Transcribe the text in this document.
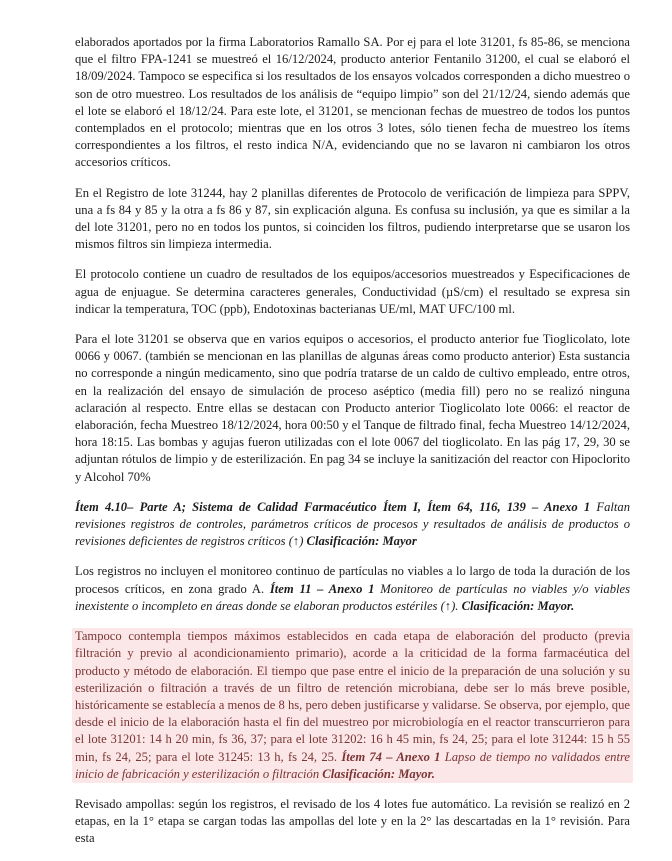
elaborados aportados por la firma Laboratorios Ramallo SA. Por ej para el lote 31201, fs 85-86, se menciona que el filtro FPA-1241 se muestreó el 16/12/2024, producto anterior Fentanilo 31200, el cual se elaboró el 18/09/2024. Tampoco se especifica si los resultados de los ensayos volcados corresponden a dicho muestreo o son de otro muestreo. Los resultados de los análisis de “equipo limpio” son del 21/12/24, siendo además que el lote se elaboró el 18/12/24. Para este lote, el 31201, se mencionan fechas de muestreo de todos los puntos contemplados en el protocolo; mientras que en los otros 3 lotes, sólo tienen fecha de muestreo los ítems correspondientes a los filtros, el resto indica N/A, evidenciando que no se lavaron ni cambiaron los otros accesorios críticos.

En el Registro de lote 31244, hay 2 planillas diferentes de Protocolo de verificación de limpieza para SPPV, una a fs 84 y 85 y la otra a fs 86 y 87, sin explicación alguna. Es confusa su inclusión, ya que es similar a la del lote 31201, pero no en todos los puntos, si coinciden los filtros, pudiendo interpretarse que se usaron los mismos filtros sin limpieza intermedia.

El protocolo contiene un cuadro de resultados de los equipos/accesorios muestreados y Especificaciones de agua de enjuague. Se determina caracteres generales, Conductividad (µS/cm) el resultado se expresa sin indicar la temperatura, TOC (ppb), Endotoxinas bacterianas UE/ml, MAT UFC/100 ml.

Para el lote 31201 se observa que en varios equipos o accesorios, el producto anterior fue Tioglicolato, lote 0066 y 0067. (también se mencionan en las planillas de algunas áreas como producto anterior) Esta sustancia no corresponde a ningún medicamento, sino que podría tratarse de un caldo de cultivo empleado, entre otros, en la realización del ensayo de simulación de proceso aséptico (media fill) pero no se realizó ninguna aclaración al respecto. Entre ellas se destacan con Producto anterior Tioglicolato lote 0066: el reactor de elaboración, fecha Muestreo 18/12/2024, hora 00:50 y el Tanque de filtrado final, fecha Muestreo 14/12/2024, hora 18:15. Las bombas y agujas fueron utilizadas con el lote 0067 del tioglicolato. En las pág 17, 29, 30 se adjuntan rótulos de limpio y de esterilización. En pag 34 se incluye la sanitización del reactor con Hipoclorito y Alcohol 70%

Ítem 4.10– Parte A; Sistema de Calidad Farmacéutico Ítem I, Ítem 64, 116, 139 – Anexo 1 Faltan revisiones registros de controles, parámetros críticos de procesos y resultados de análisis de productos o revisiones deficientes de registros críticos (↑) Clasificación: Mayor

Los registros no incluyen el monitoreo continuo de partículas no viables a lo largo de toda la duración de los procesos críticos, en zona grado A. Ítem 11 – Anexo 1 Monitoreo de partículas no viables y/o viables inexistente o incompleto en áreas donde se elaboran productos estériles (↑). Clasificación: Mayor.

Tampoco contempla tiempos máximos establecidos en cada etapa de elaboración del producto (previa filtración y previo al acondicionamiento primario), acorde a la criticidad de la forma farmacéutica del producto y método de elaboración. El tiempo que pase entre el inicio de la preparación de una solución y su esterilización o filtración a través de un filtro de retención microbiana, debe ser lo más breve posible, históricamente se establecía a menos de 8 hs, pero deben justificarse y validarse. Se observa, por ejemplo, que desde el inicio de la elaboración hasta el fin del muestreo por microbiología en el reactor transcurrieron para el lote 31201: 14 h 20 min, fs 36, 37; para el lote 31202: 16 h 45 min, fs 24, 25; para el lote 31244: 15 h 55 min, fs 24, 25; para el lote 31245: 13 h, fs 24, 25. Ítem 74 – Anexo 1 Lapso de tiempo no validados entre inicio de fabricación y esterilización o filtración Clasificación: Mayor.

Revisado ampollas: según los registros, el revisado de los 4 lotes fue automático. La revisión se realizó en 2 etapas, en la 1° etapa se cargan todas las ampollas del lote y en la 2° las descartadas en la 1° revisión. Para esta
